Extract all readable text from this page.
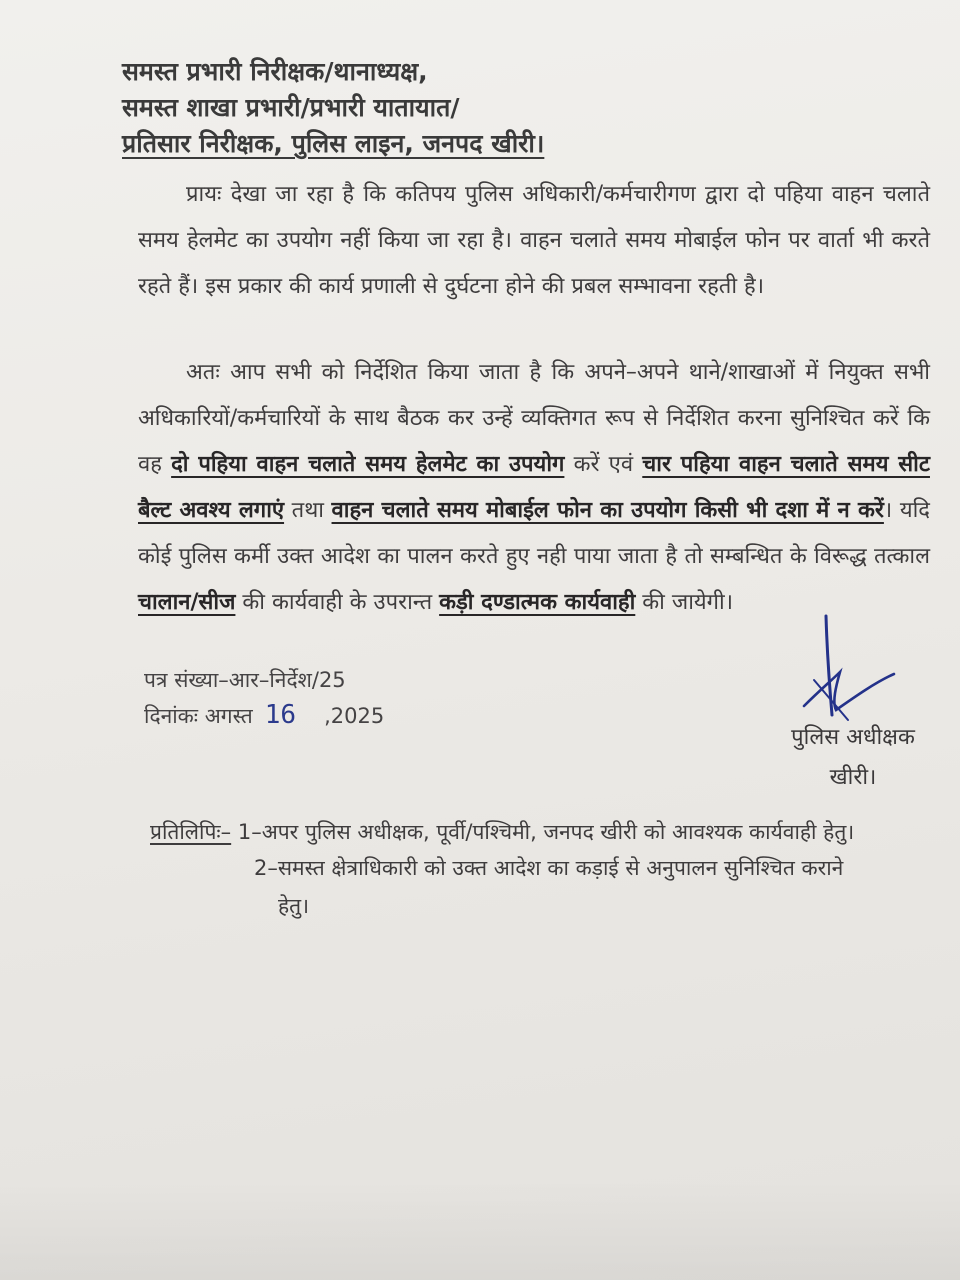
समस्त प्रभारी निरीक्षक/थानाध्यक्ष,
समस्त शाखा प्रभारी/प्रभारी यातायात/
प्रतिसार निरीक्षक, पुलिस लाइन, जनपद खीरी।
प्रायः देखा जा रहा है कि कतिपय पुलिस अधिकारी/कर्मचारीगण द्वारा दो पहिया वाहन चलाते समय हेलमेट का उपयोग नहीं किया जा रहा है। वाहन चलाते समय मोबाईल फोन पर वार्ता भी करते रहते हैं। इस प्रकार की कार्य प्रणाली से दुर्घटना होने की प्रबल सम्भावना रहती है।
अतः आप सभी को निर्देशित किया जाता है कि अपने–अपने थाने/शाखाओं में नियुक्त सभी अधिकारियों/कर्मचारियों के साथ बैठक कर उन्हें व्यक्तिगत रूप से निर्देशित करना सुनिश्चित करें कि वह दो पहिया वाहन चलाते समय हेलमेट का उपयोग करें एवं चार पहिया वाहन चलाते समय सीट बैल्ट अवश्य लगाएं तथा वाहन चलाते समय मोबाईल फोन का उपयोग किसी भी दशा में न करें। यदि कोई पुलिस कर्मी उक्त आदेश का पालन करते हुए नही पाया जाता है तो सम्बन्धित के विरूद्ध तत्काल चालान/सीज की कार्यवाही के उपरान्त कड़ी दण्डात्मक कार्यवाही की जायेगी।
पत्र संख्या–आर–निर्देश/25
दिनांकः अगस्त 16 ,2025
पुलिस अधीक्षक
खीरी।
प्रतिलिपिः– 1–अपर पुलिस अधीक्षक, पूर्वी/पश्चिमी, जनपद खीरी को आवश्यक कार्यवाही हेतु।
2–समस्त क्षेत्राधिकारी को उक्त आदेश का कड़ाई से अनुपालन सुनिश्चित कराने
हेतु।
